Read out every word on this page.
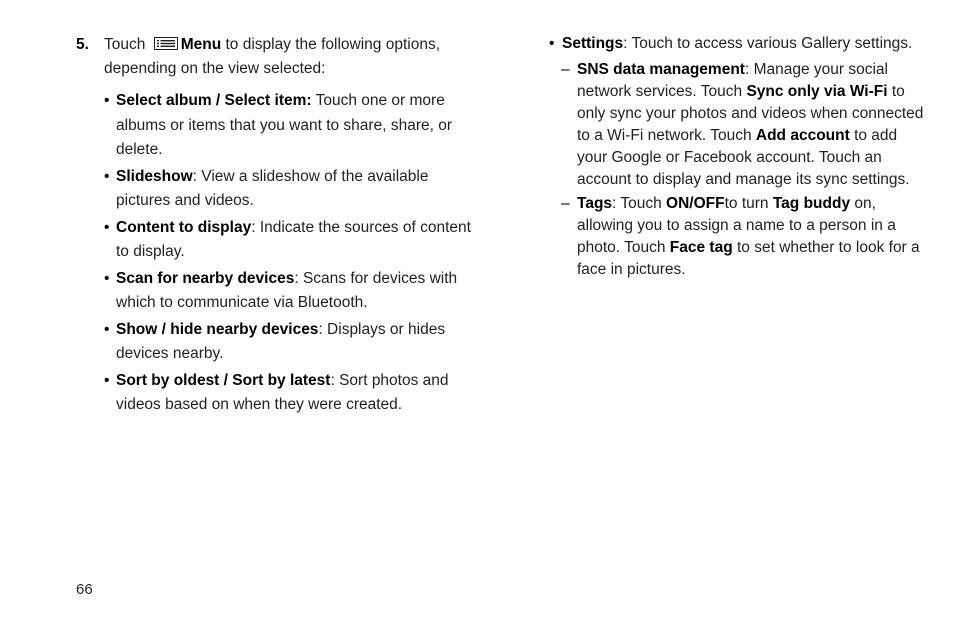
5. Touch Menu to display the following options, depending on the view selected:
• Select album / Select item: Touch one or more albums or items that you want to share, share, or delete.
• Slideshow: View a slideshow of the available pictures and videos.
• Content to display: Indicate the sources of content to display.
• Scan for nearby devices: Scans for devices with which to communicate via Bluetooth.
• Show / hide nearby devices: Displays or hides devices nearby.
• Sort by oldest / Sort by latest: Sort photos and videos based on when they were created.
• Settings: Touch to access various Gallery settings.
– SNS data management: Manage your social network services. Touch Sync only via Wi-Fi to only sync your photos and videos when connected to a Wi-Fi network. Touch Add account to add your Google or Facebook account. Touch an account to display and manage its sync settings.
– Tags: Touch ON/OFFto turn Tag buddy on, allowing you to assign a name to a person in a photo. Touch Face tag to set whether to look for a face in pictures.
66
